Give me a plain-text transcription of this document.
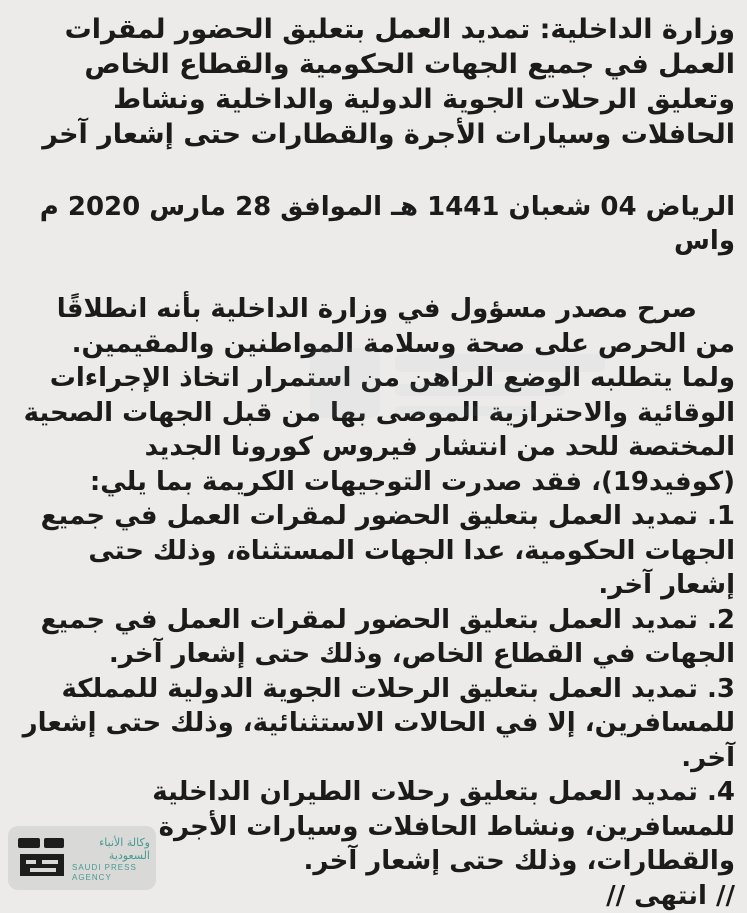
وزارة الداخلية: تمديد العمل بتعليق الحضور لمقرات العمل في جميع الجهات الحكومية والقطاع الخاص وتعليق الرحلات الجوية الدولية والداخلية ونشاط الحافلات وسيارات الأجرة والقطارات حتى إشعار آخر

الرياض 04 شعبان 1441 هـ الموافق 28 مارس 2020 م واس

صرح مصدر مسؤول في وزارة الداخلية بأنه انطلاقًا من الحرص على صحة وسلامة المواطنين والمقيمين. ولما يتطلبه الوضع الراهن من استمرار اتخاذ الإجراءات الوقائية والاحترازية الموصى بها من قبل الجهات الصحية المختصة للحد من انتشار فيروس كورونا الجديد (كوفيد19)، فقد صدرت التوجيهات الكريمة بما يلي:

1. تمديد العمل بتعليق الحضور لمقرات العمل في جميع الجهات الحكومية، عدا الجهات المستثناة، وذلك حتى إشعار آخر.
2. تمديد العمل بتعليق الحضور لمقرات العمل في جميع الجهات في القطاع الخاص، وذلك حتى إشعار آخر.
3. تمديد العمل بتعليق الرحلات الجوية الدولية للمملكة للمسافرين، إلا في الحالات الاستثنائية، وذلك حتى إشعار آخر.
4. تمديد العمل بتعليق رحلات الطيران الداخلية للمسافرين، ونشاط الحافلات وسيارات الأجرة والقطارات، وذلك حتى إشعار آخر.

// انتهى //

وكالة الأنباء السعودية
SAUDI PRESS AGENCY
